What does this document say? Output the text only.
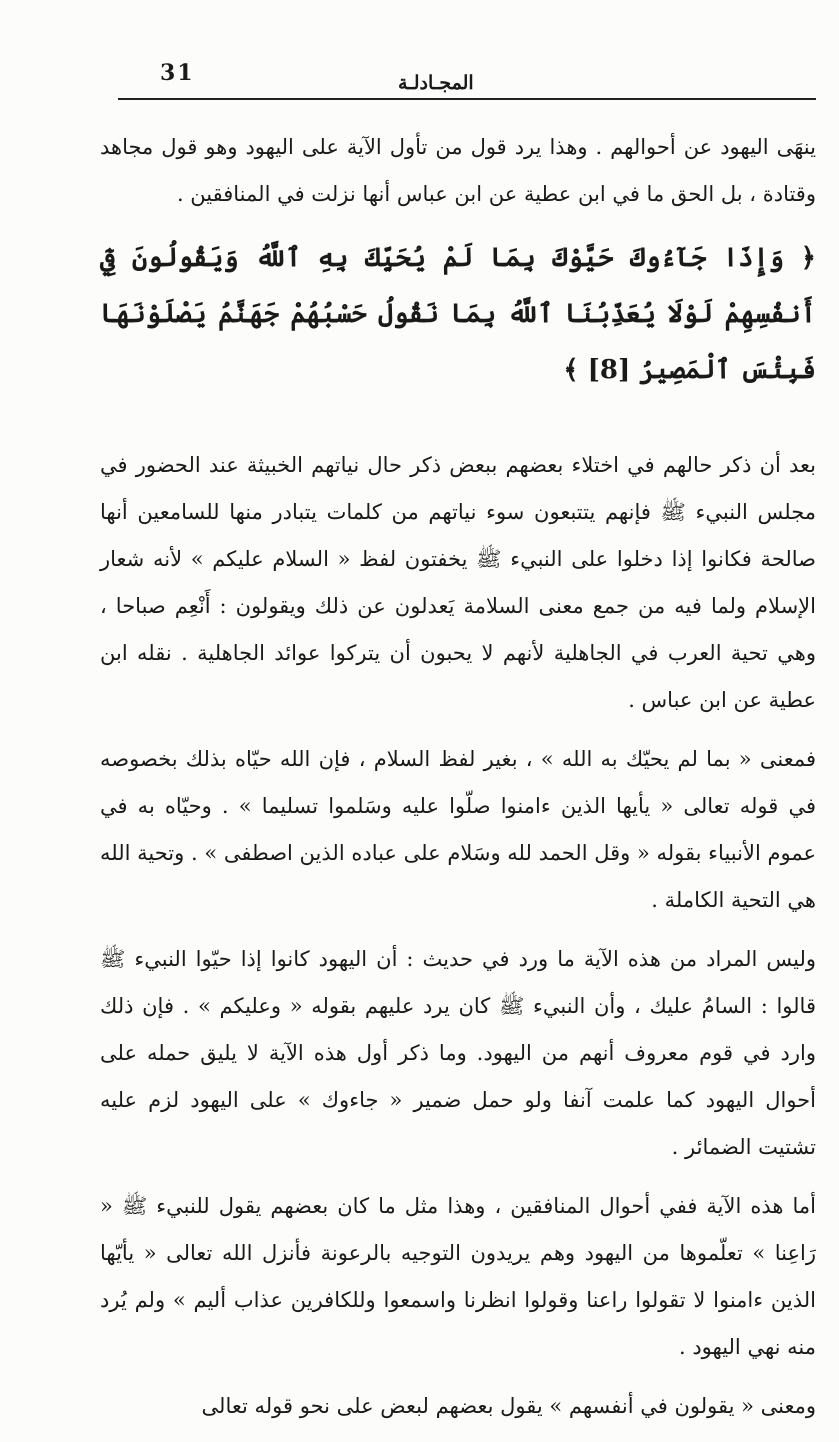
31	المجـادلـة

ينهَى اليهود عن أحوالهم . وهذا يرد قول من تأول الآية على اليهود وهو قول مجاهد وقتادة ، بل الحق ما في ابن عطية عن ابن عباس أنها نزلت في المنافقين .

﴿ وَإِذَا جَآءُوكَ حَيَّوْكَ بِمَا لَمْ يُحَيِّكَ بِهِ ٱللَّهُ وَيَقُولُونَ فِيٓ أَنفُسِهِمْ لَوْلَا يُعَذِّبُنَا ٱللَّهُ بِمَا نَقُولُ حَسْبُهُمْ جَهَنَّمُ يَصْلَوْنَهَا فَبِئْسَ ٱلْمَصِيرُ [8] ﴾

بعد أن ذكر حالهم في اختلاء بعضهم ببعض ذكر حال نياتهم الخبيثة عند الحضور في مجلس النبيء ﷺ فإنهم يتتبعون سوء نياتهم من كلمات يتبادر منها للسامعين أنها صالحة فكانوا إذا دخلوا على النبيء ﷺ يخفتون لفظ « السلام عليكم » لأنه شعار الإسلام ولما فيه من جمع معنى السلامة يَعدلون عن ذلك ويقولون : أَنْعِم صباحا ، وهي تحية العرب في الجاهلية لأنهم لا يحبون أن يتركوا عوائد الجاهلية . نقله ابن عطية عن ابن عباس .

فمعنى « بما لم يحيّك به الله » ، بغير لفظ السلام ، فإن الله حيّاه بذلك بخصوصه في قوله تعالى « يأيها الذين ءامنوا صلّوا عليه وسَلموا تسليما » . وحيّاه به في عموم الأنبياء بقوله « وقل الحمد لله وسَلام على عباده الذين اصطفى » . وتحية الله هي التحية الكاملة .

وليس المراد من هذه الآية ما ورد في حديث : أن اليهود كانوا إذا حيّوا النبيء ﷺ قالوا : السامُ عليك ، وأن النبيء ﷺ كان يرد عليهم بقوله « وعليكم » . فإن ذلك وارد في قوم معروف أنهم من اليهود. وما ذكر أول هذه الآية لا يليق حمله على أحوال اليهود كما علمت آنفا ولو حمل ضمير « جاءوك » على اليهود لزم عليه تشتيت الضمائر .

أما هذه الآية ففي أحوال المنافقين ، وهذا مثل ما كان بعضهم يقول للنبيء ﷺ « رَاعِنا » تعلّموها من اليهود وهم يريدون التوجيه بالرعونة فأنزل الله تعالى « يأيّها الذين ءامنوا لا تقولوا راعنا وقولوا انظرنا واسمعوا وللكافرين عذاب أليم » ولم يُرد منه نهي اليهود .

ومعنى « يقولون في أنفسهم » يقول بعضهم لبعض على نحو قوله تعالى
